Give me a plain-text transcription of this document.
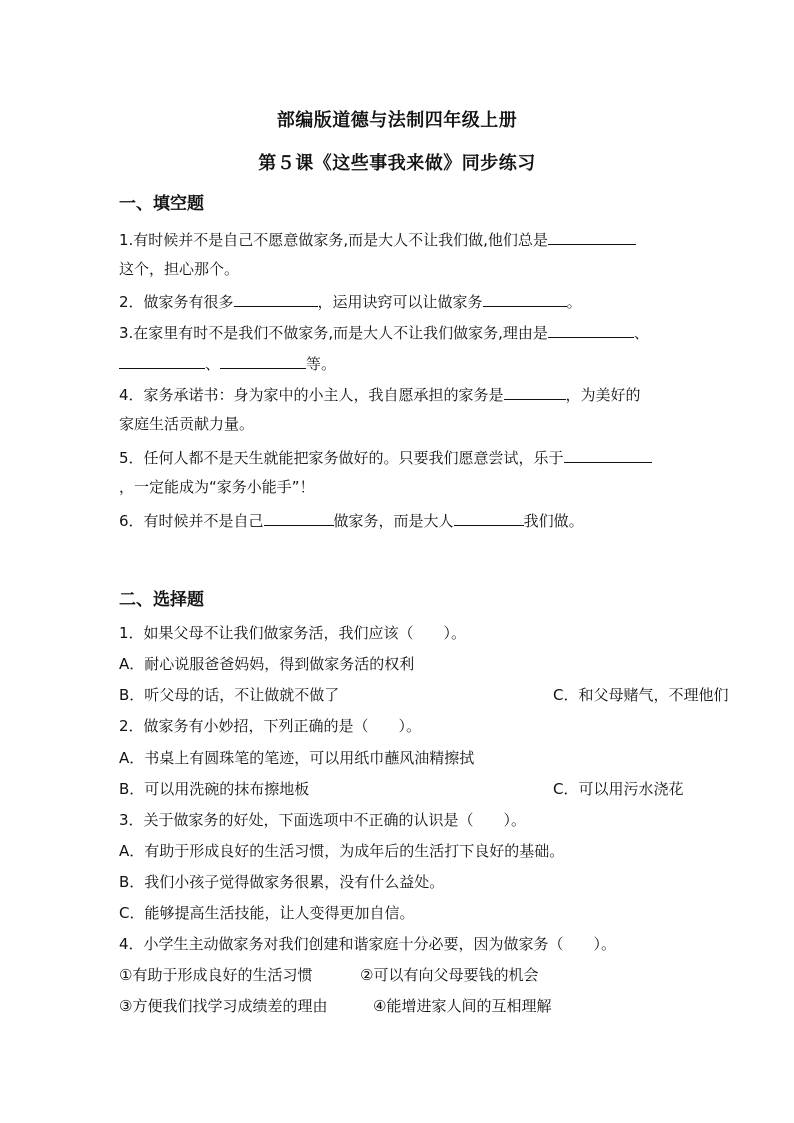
部编版道德与法制四年级上册
第５课《这些事我来做》同步练习
一、填空题
1.有时候并不是自己不愿意做家务,而是大人不让我们做,他们总是
这个，担心那个。
2．做家务有很多	，运用诀窍可以让做家务	。
3.在家里有时不是我们不做家务,而是大人不让我们做家务,理由是	、
、	等。
4．家务承诺书：身为家中的小主人，我自愿承担的家务是	，为美好的
家庭生活贡献力量。
5．任何人都不是天生就能把家务做好的。只要我们愿意尝试，乐于
，一定能成为“家务小能手”！
6．有时候并不是自己	做家务，而是大人	我们做。
二、选择题
1．如果父母不让我们做家务活，我们应该（　　）。
A．耐心说服爸爸妈妈，得到做家务活的权利
B．听父母的话，不让做就不做了	C．和父母赌气，不理他们
2．做家务有小妙招，下列正确的是（　　）。
A．书桌上有圆珠笔的笔迹，可以用纸巾蘸风油精擦拭
B．可以用洗碗的抹布擦地板	C．可以用污水浇花
3．关于做家务的好处，下面选项中不正确的认识是（　　）。
A．有助于形成良好的生活习惯，为成年后的生活打下良好的基础。
B．我们小孩子觉得做家务很累，没有什么益处。
C．能够提高生活技能，让人变得更加自信。
4．小学生主动做家务对我们创建和谐家庭十分必要，因为做家务（　　）。
①有助于形成良好的生活习惯	②可以有向父母要钱的机会
③方便我们找学习成绩差的理由	④能增进家人间的互相理解
